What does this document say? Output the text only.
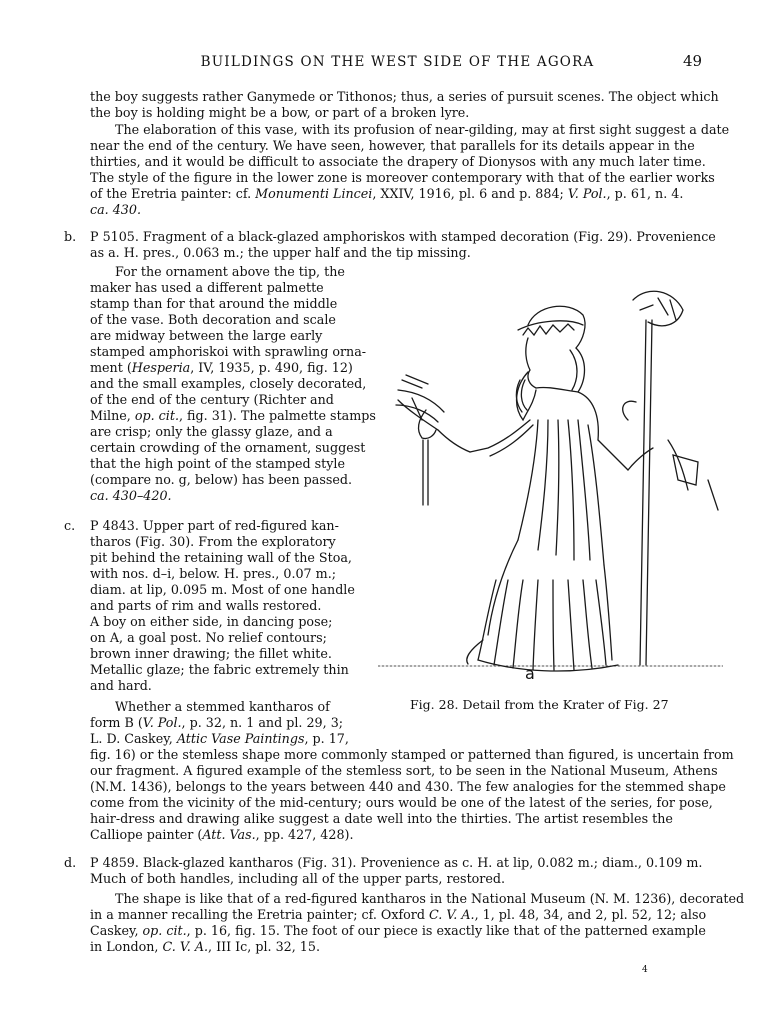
BUILDINGS ON THE WEST SIDE OF THE AGORA	49

the boy suggests rather Ganymede or Tithonos; thus, a series of pursuit scenes. The object which

the boy is holding might be a bow, or part of a broken lyre.

The elaboration of this vase, with its profusion of near-gilding, may at first sight suggest a date

near the end of the century. We have seen, however, that parallels for its details appear in the

thirties, and it would be difficult to associate the drapery of Dionysos with any much later time.

The style of the figure in the lower zone is moreover contemporary with that of the earlier works

of the Eretria painter: cf. Monumenti Lincei, XXIV, 1916, pl. 6 and p. 884; V. Pol., p. 61, n. 4.

ca. 430.

b. P 5105. Fragment of a black-glazed amphoriskos with stamped decoration (Fig. 29). Provenience

as a. H. pres., 0.063 m.; the upper half and the tip missing.

For the ornament above the tip, the

maker has used a different palmette

stamp than for that around the middle

of the vase. Both decoration and scale

are midway between the large early

stamped amphoriskoi with sprawling orna-

ment (Hesperia, IV, 1935, p. 490, fig. 12)

and the small examples, closely decorated,

of the end of the century (Richter and

Milne, op. cit., fig. 31). The palmette stamps

are crisp; only the glassy glaze, and a

certain crowding of the ornament, suggest

that the high point of the stamped style

(compare no. g, below) has been passed.

ca. 430–420.

c. P 4843. Upper part of red-figured kan-

tharos (Fig. 30). From the exploratory

pit behind the retaining wall of the Stoa,

with nos. d–i, below. H. pres., 0.07 m.;

diam. at lip, 0.095 m. Most of one handle

and parts of rim and walls restored.

A boy on either side, in dancing pose;

on A, a goal post. No relief contours;

brown inner drawing; the fillet white.

Metallic glaze; the fabric extremely thin

and hard.

Whether a stemmed kantharos of

form B (V. Pol., p. 32, n. 1 and pl. 29, 3;

L. D. Caskey, Attic Vase Paintings, p. 17,

fig. 16) or the stemless shape more commonly stamped or patterned than figured, is uncertain from

our fragment. A figured example of the stemless sort, to be seen in the National Museum, Athens

(N.M. 1436), belongs to the years between 440 and 430. The few analogies for the stemmed shape

come from the vicinity of the mid-century; ours would be one of the latest of the series, for pose,

hair-dress and drawing alike suggest a date well into the thirties. The artist resembles the

Calliope painter (Att. Vas., pp. 427, 428).

a

Fig. 28. Detail from the Krater of Fig. 27

d. P 4859. Black-glazed kantharos (Fig. 31). Provenience as c. H. at lip, 0.082 m.; diam., 0.109 m.

Much of both handles, including all of the upper parts, restored.

The shape is like that of a red-figured kantharos in the National Museum (N. M. 1236), decorated

in a manner recalling the Eretria painter; cf. Oxford C. V. A., 1, pl. 48, 34, and 2, pl. 52, 12; also

Caskey, op. cit., p. 16, fig. 15. The foot of our piece is exactly like that of the patterned example

in London, C. V. A., III Ic, pl. 32, 15.

4
